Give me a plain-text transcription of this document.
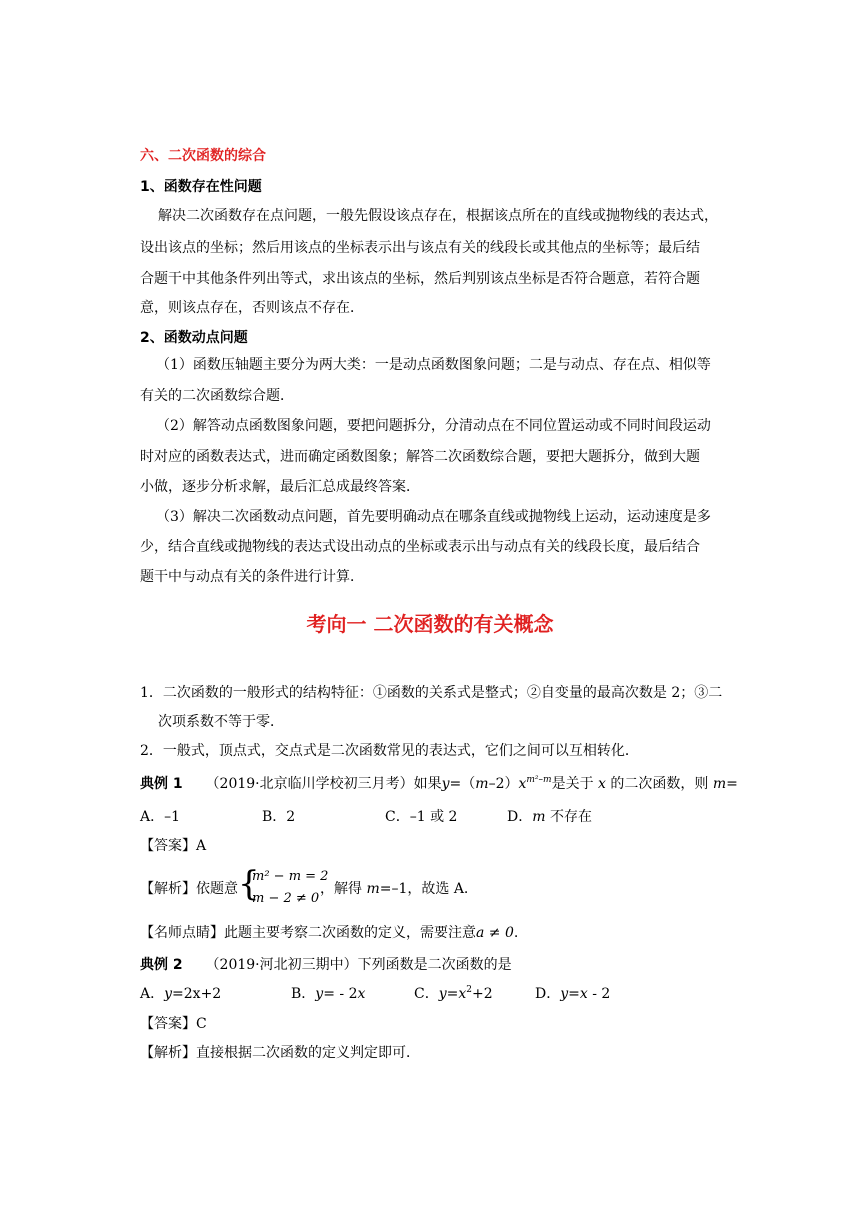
六、二次函数的综合
1、函数存在性问题
解决二次函数存在点问题，一般先假设该点存在，根据该点所在的直线或抛物线的表达式，
设出该点的坐标；然后用该点的坐标表示出与该点有关的线段长或其他点的坐标等；最后结
合题干中其他条件列出等式，求出该点的坐标，然后判别该点坐标是否符合题意，若符合题
意，则该点存在，否则该点不存在．
2、函数动点问题
（1）函数压轴题主要分为两大类：一是动点函数图象问题；二是与动点、存在点、相似等
有关的二次函数综合题．
（2）解答动点函数图象问题，要把问题拆分，分清动点在不同位置运动或不同时间段运动
时对应的函数表达式，进而确定函数图象；解答二次函数综合题，要把大题拆分，做到大题
小做，逐步分析求解，最后汇总成最终答案．
（3）解决二次函数动点问题，首先要明确动点在哪条直线或抛物线上运动，运动速度是多
少，结合直线或抛物线的表达式设出动点的坐标或表示出与动点有关的线段长度，最后结合
题干中与动点有关的条件进行计算．
考向一 二次函数的有关概念
1．二次函数的一般形式的结构特征：①函数的关系式是整式；②自变量的最高次数是 2；③二
次项系数不等于零．
2．一般式，顶点式，交点式是二次函数常见的表达式，它们之间可以互相转化．
典例 1 （2019·北京临川学校初三月考）如果$y=(m-2)x^{m^2-m}$是关于 x 的二次函数，则 m=
A．–1	B．2	C．–1 或 2	D．m 不存在
【答案】A
【解析】依题意 {
m² − m = 2
m − 2 ≠ 0
，解得 m=–1，故选 A.
【名师点睛】此题主要考察二次函数的定义，需要注意a ≠ 0.
典例 2 （2019·河北初三期中）下列函数是二次函数的是
A．y=2x+2	B．y= - 2x	C．$y=x^2+2$	D．y=x - 2
【答案】C
【解析】直接根据二次函数的定义判定即可．
